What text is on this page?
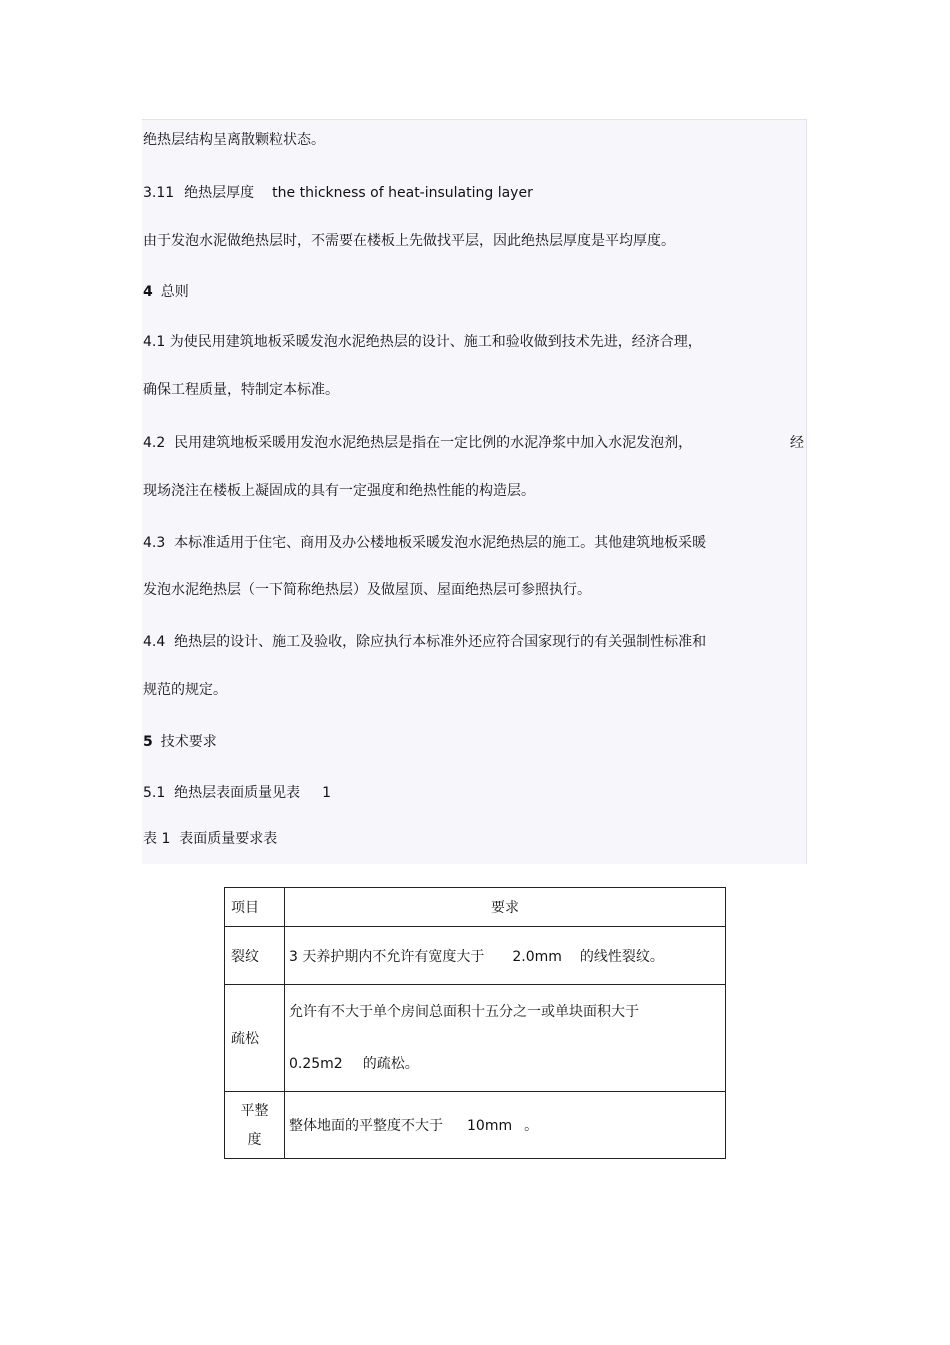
绝热层结构呈离散颗粒状态。
3.11 绝热层厚度 the thickness of heat-insulating layer
由于发泡水泥做绝热层时，不需要在楼板上先做找平层，因此绝热层厚度是平均厚度。
4 总则
4.1 为使民用建筑地板采暖发泡水泥绝热层的设计、施工和验收做到技术先进，经济合理，
确保工程质量，特制定本标准。
4.2  民用建筑地板采暖用发泡水泥绝热层是指在一定比例的水泥净浆中加入水泥发泡剂，	经
现场浇注在楼板上凝固成的具有一定强度和绝热性能的构造层。
4.3  本标准适用于住宅、商用及办公楼地板采暖发泡水泥绝热层的施工。其他建筑地板采暖
发泡水泥绝热层（一下简称绝热层）及做屋顶、屋面绝热层可参照执行。
4.4  绝热层的设计、施工及验收，除应执行本标准外还应符合国家现行的有关强制性标准和
规范的规定。
5 技术要求
5.1  绝热层表面质量见表 1
表 1  表面质量要求表
项目	要求
裂纹	3 天养护期内不允许有宽度大于 2.0mm 的线性裂纹。
疏松	允许有不大于单个房间总面积十五分之一或单块面积大于
0.25m2 的疏松。

平整
度	整体地面的平整度不大于 10mm 。
